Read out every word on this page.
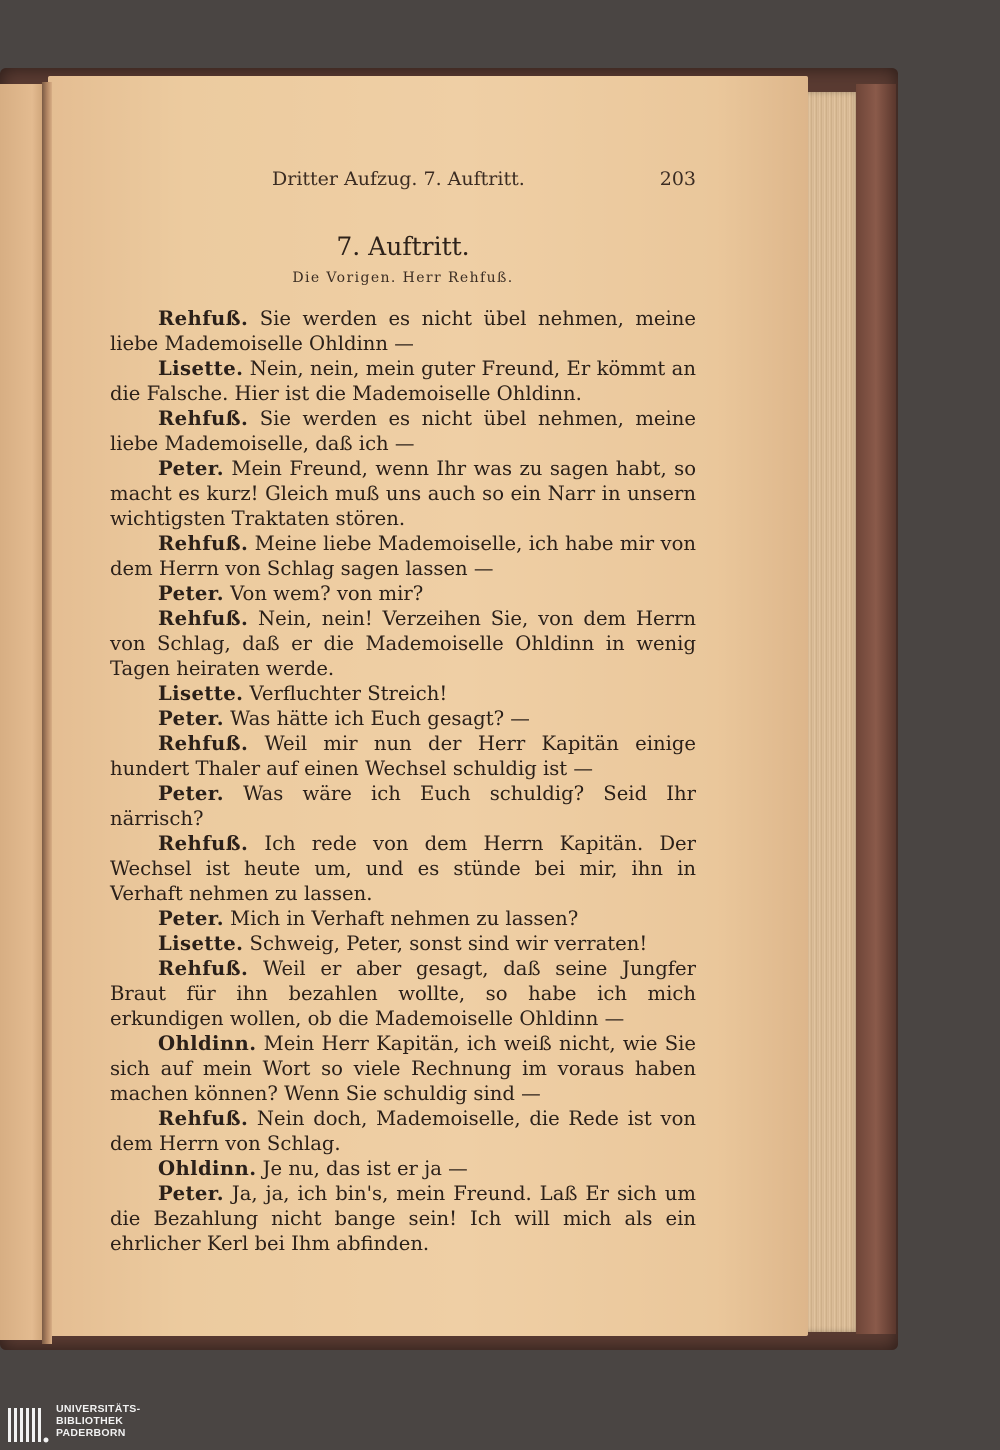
Dritter Aufzug. 7. Auftritt.	203
7. Auftritt.
Die Vorigen. Herr Rehfuß.

Rehfuß. Sie werden es nicht übel nehmen, meine liebe Mademoiselle Ohldinn —

Lisette. Nein, nein, mein guter Freund, Er kömmt an die Falsche. Hier ist die Mademoiselle Ohldinn.

Rehfuß. Sie werden es nicht übel nehmen, meine liebe Mademoiselle, daß ich —

Peter. Mein Freund, wenn Ihr was zu sagen habt, so macht es kurz! Gleich muß uns auch so ein Narr in unsern wichtigsten Traktaten stören.

Rehfuß. Meine liebe Mademoiselle, ich habe mir von dem Herrn von Schlag sagen lassen —

Peter. Von wem? von mir?

Rehfuß. Nein, nein! Verzeihen Sie, von dem Herrn von Schlag, daß er die Mademoiselle Ohldinn in wenig Tagen heiraten werde.

Lisette. Verfluchter Streich!

Peter. Was hätte ich Euch gesagt? —

Rehfuß. Weil mir nun der Herr Kapitän einige hundert Thaler auf einen Wechsel schuldig ist —

Peter. Was wäre ich Euch schuldig? Seid Ihr närrisch?

Rehfuß. Ich rede von dem Herrn Kapitän. Der Wechsel ist heute um, und es stünde bei mir, ihn in Verhaft nehmen zu lassen.

Peter. Mich in Verhaft nehmen zu lassen?

Lisette. Schweig, Peter, sonst sind wir verraten!

Rehfuß. Weil er aber gesagt, daß seine Jungfer Braut für ihn bezahlen wollte, so habe ich mich erkundigen wollen, ob die Mademoiselle Ohldinn —

Ohldinn. Mein Herr Kapitän, ich weiß nicht, wie Sie sich auf mein Wort so viele Rechnung im voraus haben machen können? Wenn Sie schuldig sind —

Rehfuß. Nein doch, Mademoiselle, die Rede ist von dem Herrn von Schlag.

Ohldinn. Je nu, das ist er ja —

Peter. Ja, ja, ich bin's, mein Freund. Laß Er sich um die Bezahlung nicht bange sein! Ich will mich als ein ehrlicher Kerl bei Ihm abfinden.

UNIVERSITÄTS-
BIBLIOTHEK
PADERBORN
